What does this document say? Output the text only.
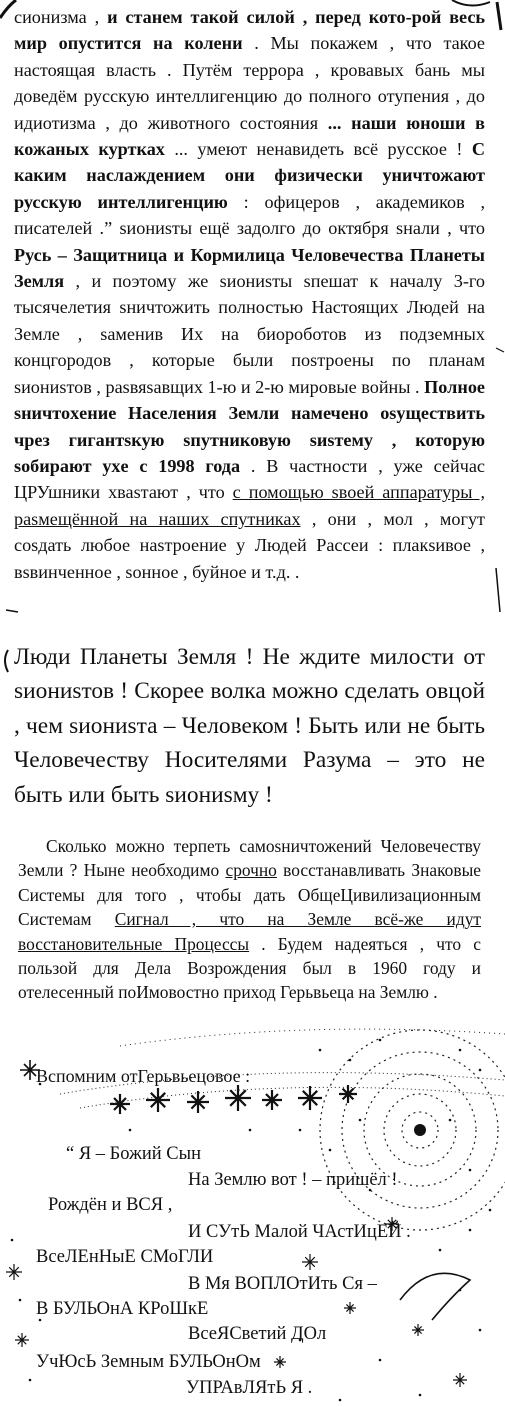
сионизма , и станем такой силой , перед кото-рой весь мир опустится на колени . Мы покажем , что такое настоящая власть . Путём террора , кровавых бань мы доведём русскую интеллигенцию до полного отупения , до идиотизма , до животного состояния ... наши юноши в кожаных куртках ... умеют ненавидеть всё русское ! С каким наслаждением они физически уничтожают русскую интеллигенцию : офицеров , академиков , писателей .” sиониsты ещё задолго до октября sнали , что Русь – Защитница и Кормилица Человечества Планеты Земля , и поэтому же sиониsты sпешат к началу 3-го тысячелетия sничтожить полностью Настоящих Людей на Земле , sаменив Их на биороботов из подземных концгородов , которые были поsтроены по планам sиониsтов , раsвяsавщих 1-ю и 2-ю мировые войны . Полное sничтоxение Населения Земли намечено оsуществить чрез гигантsкую sпутниковую sиsтему , которую sобирают уxе с 1998 года . В частности , уже сейчас ЦРУшники хваsтают , что с помощью sвоей аппаратуры , раsмещённой на наших спутниках , они , мол , могут соsдать любое наsтроение у Людей Рассеи : плакsивое , вsвинченное , sонное , буйное и т.д. .
Люди Планеты Земля ! Не ждите милости от sиониsтов ! Скорее волка можно сделать овцой , чем sиониsта – Человеком ! Быть или не быть Человечеству Носителями Разума – это не быть или быть sиониsму !
Сколько можно терпеть самоsничтожений Человечеству Земли ? Ныне необходимо срочно восстанавливать Знаковые Системы для того , чтобы дать ОбщеЦивилизационным Системам Сигнал , что на Земле всё-же идут восстановительные Процессы . Будем надеяться , что с пользой для Дела Возрождения был в 1960 году и отелесенный поИмовостно приход Герьвьеца на Землю .
Вспомним отГерьвьецовое :
“ Я – Божий Сын
На Землю вот ! – пришёл !
Рождён и ВСЯ ,
И СУтЬ Малой ЧАстИцЕЙ .
ВсеЛЕнНыЕ СМоГЛИ
В Мя ВОПЛОтИть Ся –
В БУЛЬОнА КРоШкЕ
ВсеЯСветий ДОл
УчЮсЬ Земным БУЛЬОнОм
УПРАвЛЯтЬ Я .
